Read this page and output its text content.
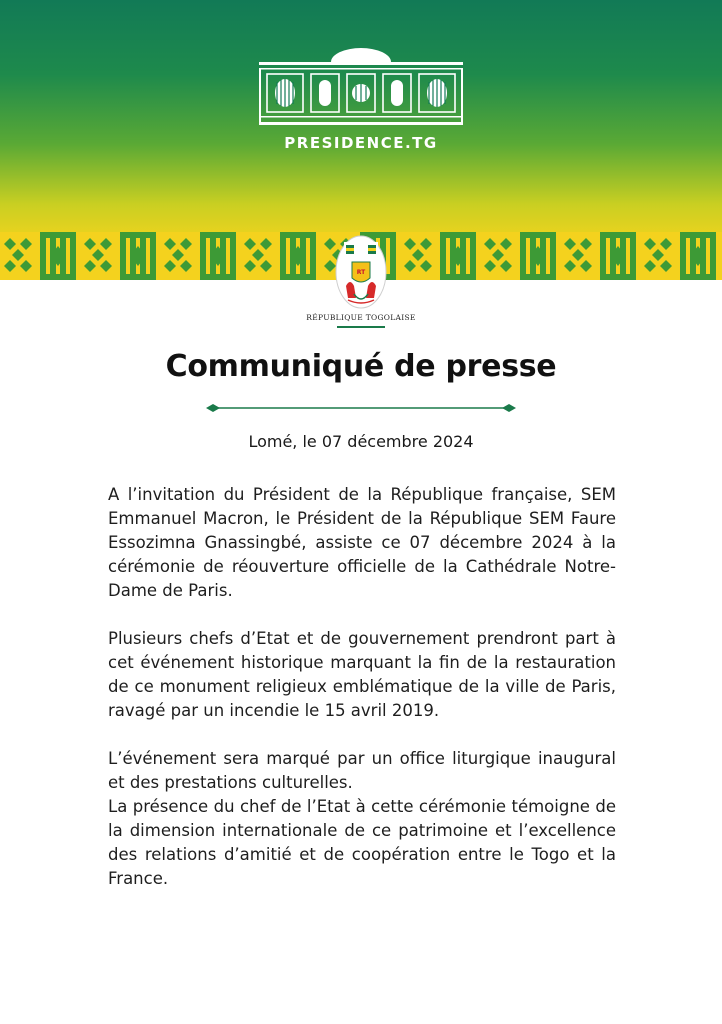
PRESIDENCE.TG
RT
RÉPUBLIQUE TOGOLAISE
Communiqué de presse
Lomé, le 07 décembre 2024

A l’invitation du Président de la République française, SEM Emmanuel Macron, le Président de la République SEM Faure Essozimna Gnassingbé, assiste ce 07 décembre 2024 à la cérémonie de réouverture officielle de la Cathédrale Notre-Dame de Paris.

Plusieurs chefs d’Etat et de gouvernement prendront part à cet événement historique marquant la fin de la restauration de ce monument religieux emblématique de la ville de Paris, ravagé par un incendie le 15 avril 2019.

L’événement sera marqué par un office liturgique inaugural et des prestations culturelles.

La présence du chef de l’Etat à cette cérémonie témoigne de la dimension internationale de ce patrimoine et l’excellence des relations d’amitié et de coopération entre le Togo et la France.
